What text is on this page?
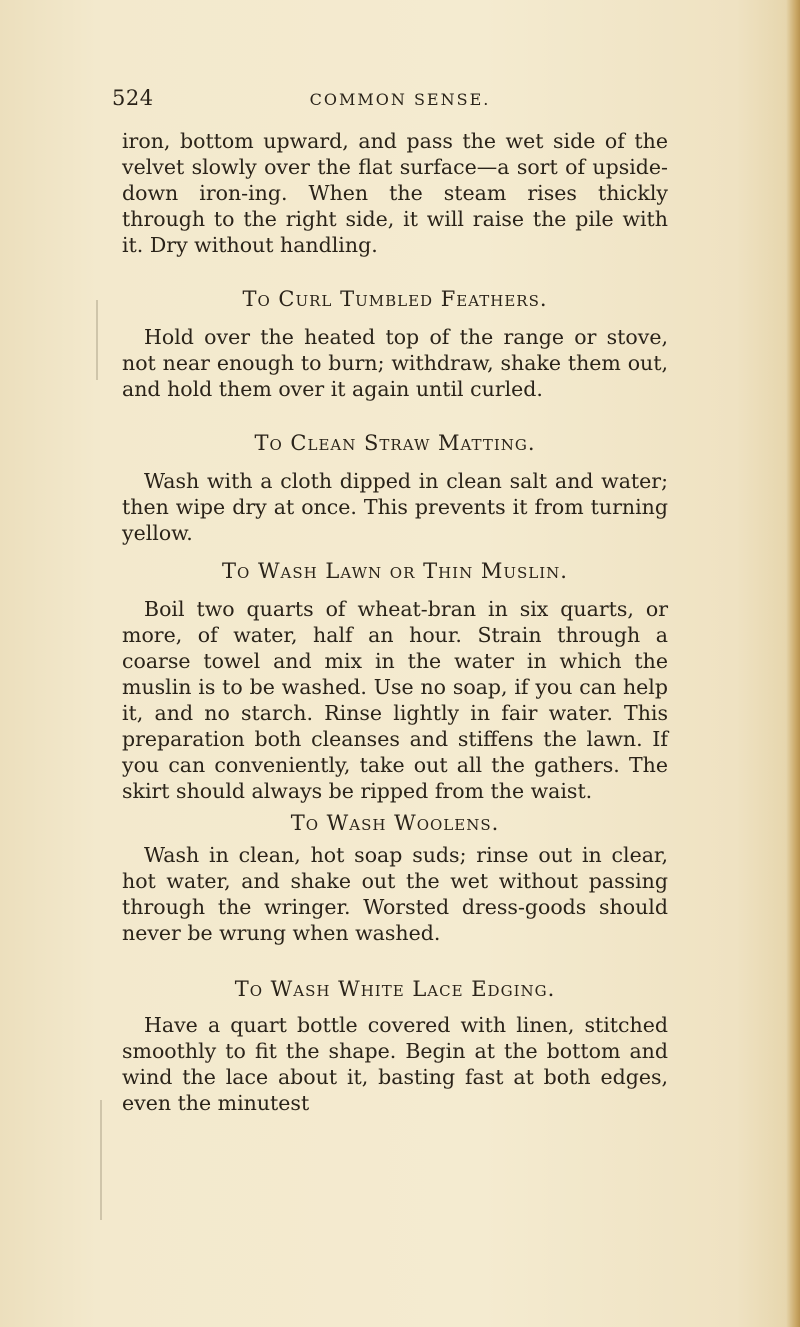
524	COMMON SENSE.

iron, bottom upward, and pass the wet side of the velvet slowly over the flat surface—a sort of upside-down iron-ing. When the steam rises thickly through to the right side, it will raise the pile with it. Dry without handling.

To Curl Tumbled Feathers.

Hold over the heated top of the range or stove, not near enough to burn; withdraw, shake them out, and hold them over it again until curled.

To Clean Straw Matting.

Wash with a cloth dipped in clean salt and water; then wipe dry at once. This prevents it from turning yellow.

To Wash Lawn or Thin Muslin.

Boil two quarts of wheat-bran in six quarts, or more, of water, half an hour. Strain through a coarse towel and mix in the water in which the muslin is to be washed. Use no soap, if you can help it, and no starch. Rinse lightly in fair water. This preparation both cleanses and stiffens the lawn. If you can conveniently, take out all the gathers. The skirt should always be ripped from the waist.

To Wash Woolens.

Wash in clean, hot soap suds; rinse out in clear, hot water, and shake out the wet without passing through the wringer. Worsted dress-goods should never be wrung when washed.

To Wash White Lace Edging.

Have a quart bottle covered with linen, stitched smoothly to fit the shape. Begin at the bottom and wind the lace about it, basting fast at both edges, even the minutest
